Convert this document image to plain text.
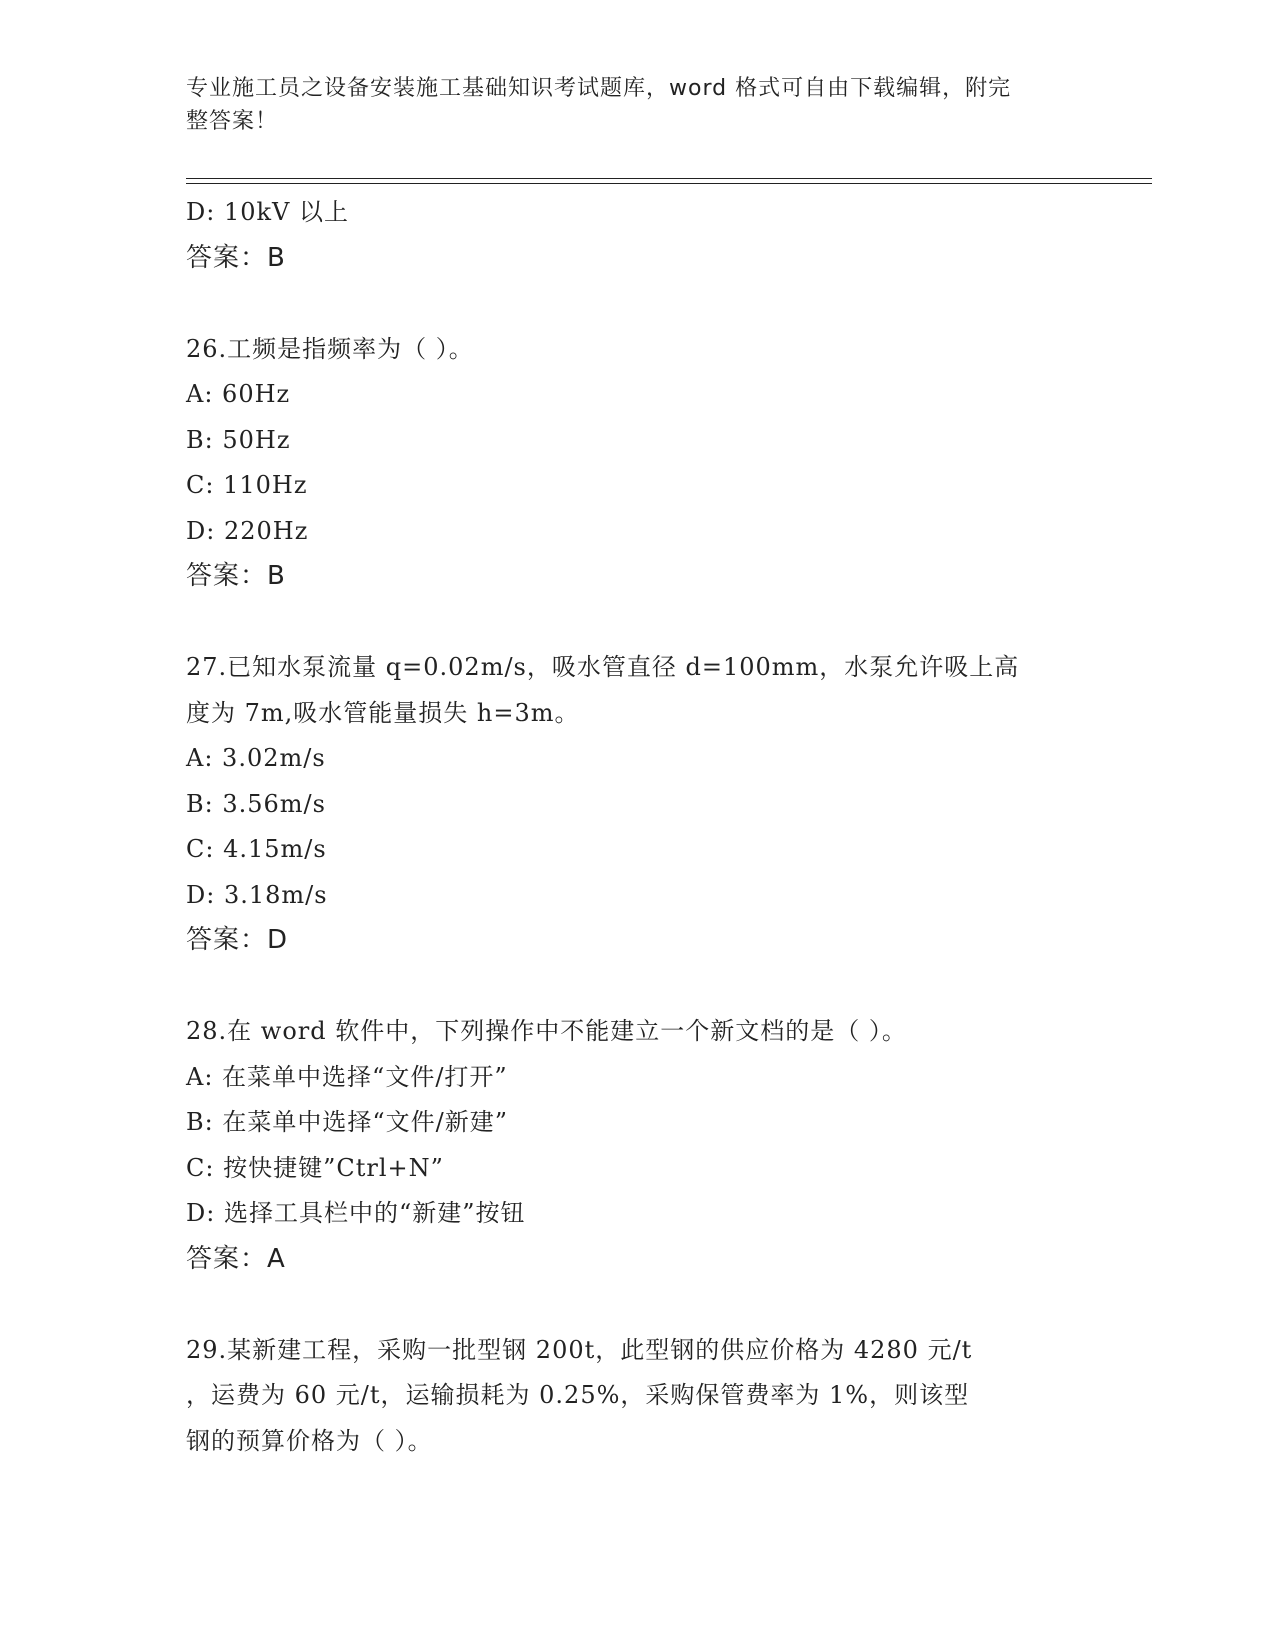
专业施工员之设备安装施工基础知识考试题库，word 格式可自由下载编辑，附完
整答案！
D: 10kV 以上
答案：B
26.工频是指频率为（ ）。
A: 60Hz
B: 50Hz
C: 110Hz
D: 220Hz
答案：B
27.已知水泵流量 q=0.02m/s，吸水管直径 d=100mm，水泵允许吸上高
度为 7m,吸水管能量损失 h=3m。
A: 3.02m/s
B: 3.56m/s
C: 4.15m/s
D: 3.18m/s
答案：D
28.在 word 软件中，下列操作中不能建立一个新文档的是（ ）。
A: 在菜单中选择“文件/打开”
B: 在菜单中选择“文件/新建”
C: 按快捷键”Ctrl+N”
D: 选择工具栏中的“新建”按钮
答案：A
29.某新建工程，采购一批型钢 200t，此型钢的供应价格为 4280 元/t
，运费为 60 元/t，运输损耗为 0.25%，采购保管费率为 1%，则该型
钢的预算价格为（ ）。
